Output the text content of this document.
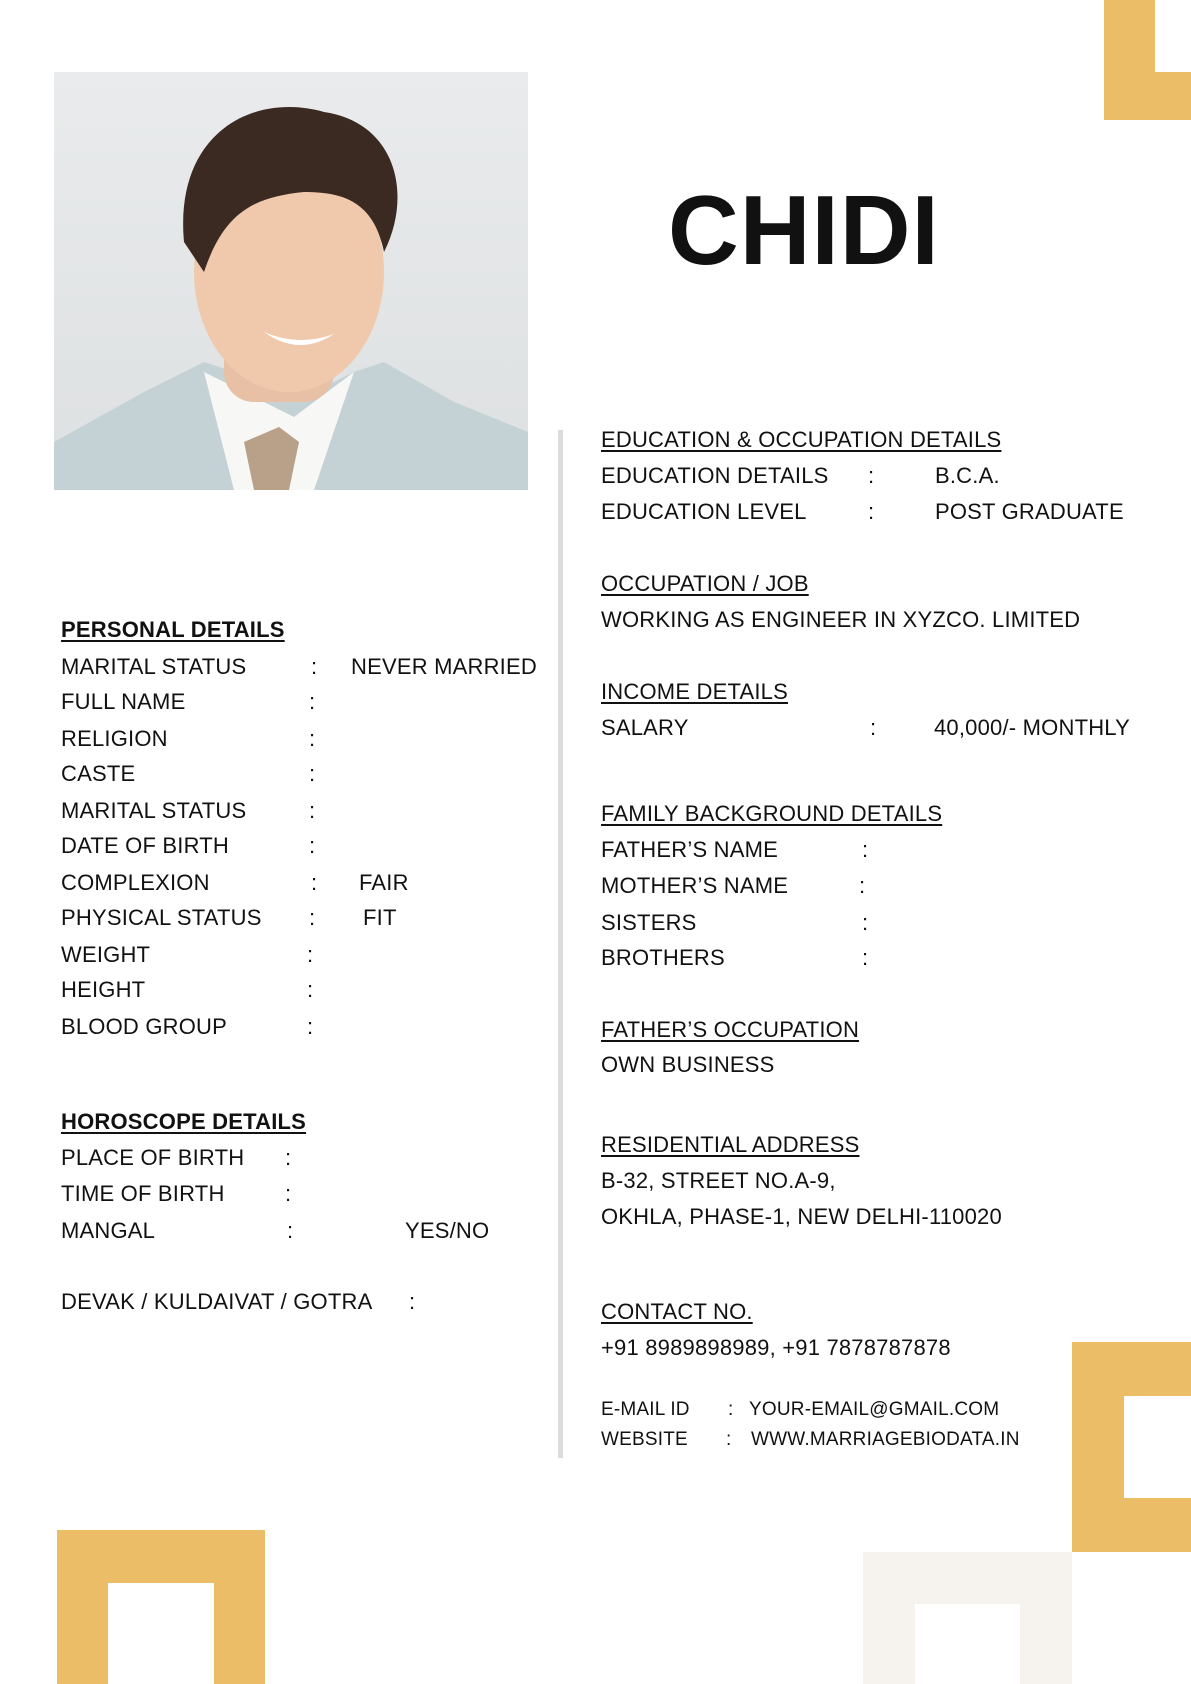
CHIDI
PERSONAL DETAILS
MARITAL STATUS	: NEVER MARRIED
FULL NAME	:
RELIGION	:
CASTE	:
MARITAL STATUS	:
DATE OF BIRTH	:
COMPLEXION	: FAIR
PHYSICAL STATUS : FIT
WEIGHT	:
HEIGHT	:
BLOOD GROUP	:
HOROSCOPE DETAILS
PLACE OF BIRTH :
TIME OF BIRTH	:
MANGAL	:	YES/NO
DEVAK / KULDAIVAT / GOTRA :
EDUCATION & OCCUPATION DETAILS
EDUCATION DETAILS :	B.C.A.
EDUCATION LEVEL	:	POST GRADUATE
OCCUPATION / JOB
WORKING AS ENGINEER IN XYZCO. LIMITED
INCOME DETAILS
SALARY	:	40,000/- MONTHLY
FAMILY BACKGROUND DETAILS
FATHER’S NAME	:
MOTHER’S NAME	:
SISTERS	:
BROTHERS	:
FATHER’S OCCUPATION
OWN BUSINESS
RESIDENTIAL ADDRESS
B-32, STREET NO.A-9,
OKHLA, PHASE-1, NEW DELHI-110020
CONTACT NO.
+91 8989898989, +91 7878787878
E-MAIL ID : YOUR-EMAIL@GMAIL.COM
WEBSITE : WWW.MARRIAGEBIODATA.IN
